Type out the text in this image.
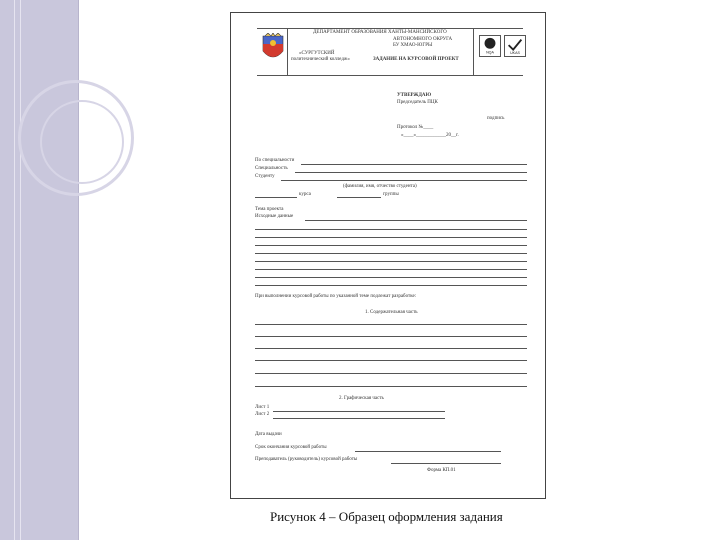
ДЕПАРТАМЕНТ ОБРАЗОВАНИЯ ХАНТЫ-МАНСИЙСКОГО
АВТОНОМНОГО ОКРУГА
БУ ХМАО-ЮГРЫ
«СУРГУТСКИЙ
политехнический колледж»	ЗАДАНИЕ НА КУРСОВОЙ ПРОЕКТ
NQA	UKAS
УТВЕРЖДАЮ
Председатель ПЦК
подпись
Протокол №____
«____»____________20__г.
По специальности
Специальность
Студенту
(фамилия, имя, отчество студента)
курса	группы
Тема проекта
Исходные данные
При выполнении курсовой работы по указанной теме подлежат разработке:
1. Содержательная часть
2. Графическая часть
Лист 1
Лист 2
Дата выдачи
Срок окончания курсовой работы
Преподаватель (руководитель) курсовой работы
Форма КП.01
Рисунок 4 – Образец оформления задания
